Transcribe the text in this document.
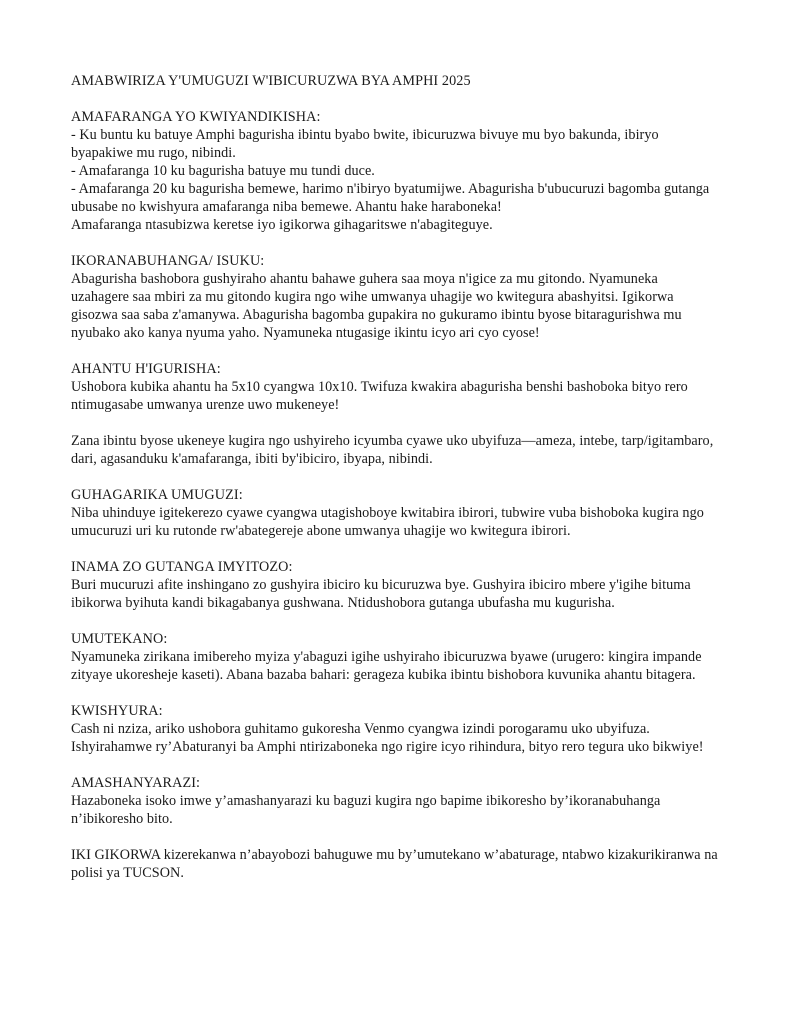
AMABWIRIZA Y'UMUGUZI W'IBICURUZWA BYA AMPHI 2025

AMAFARANGA YO KWIYANDIKISHA:

- Ku buntu ku batuye Amphi bagurisha ibintu byabo bwite, ibicuruzwa bivuye mu byo bakunda, ibiryo byapakiwe mu rugo, nibindi.

- Amafaranga 10 ku bagurisha batuye mu tundi duce.

- Amafaranga 20 ku bagurisha bemewe, harimo n'ibiryo byatumijwe. Abagurisha b'ubucuruzi bagomba gutanga ubusabe no kwishyura amafaranga niba bemewe. Ahantu hake haraboneka!

Amafaranga ntasubizwa keretse iyo igikorwa gihagaritswe n'abagiteguye.

IKORANABUHANGA/ ISUKU:

Abagurisha bashobora gushyiraho ahantu bahawe guhera saa moya n'igice za mu gitondo. Nyamuneka uzahagere saa mbiri za mu gitondo kugira ngo wihe umwanya uhagije wo kwitegura abashyitsi. Igikorwa gisozwa saa saba z'amanywa. Abagurisha bagomba gupakira no gukuramo ibintu byose bitaragurishwa mu nyubako ako kanya nyuma yaho. Nyamuneka ntugasige ikintu icyo ari cyo cyose!

AHANTU H'IGURISHA:

Ushobora kubika ahantu ha 5x10 cyangwa 10x10. Twifuza kwakira abagurisha benshi bashoboka bityo rero ntimugasabe umwanya urenze uwo mukeneye!

Zana ibintu byose ukeneye kugira ngo ushyireho icyumba cyawe uko ubyifuza—ameza, intebe, tarp/igitambaro, dari, agasanduku k'amafaranga, ibiti by'ibiciro, ibyapa, nibindi.

GUHAGARIKA UMUGUZI:

Niba uhinduye igitekerezo cyawe cyangwa utagishoboye kwitabira ibirori, tubwire vuba bishoboka kugira ngo umucuruzi uri ku rutonde rw'abategereje abone umwanya uhagije wo kwitegura ibirori.

INAMA ZO GUTANGA IMYITOZO:

Buri mucuruzi afite inshingano zo gushyira ibiciro ku bicuruzwa bye. Gushyira ibiciro mbere y'igihe bituma ibikorwa byihuta kandi bikagabanya gushwana. Ntidushobora gutanga ubufasha mu kugurisha.

UMUTEKANO:

Nyamuneka zirikana imibereho myiza y'abaguzi igihe ushyiraho ibicuruzwa byawe (urugero: kingira impande zityaye ukoresheje kaseti). Abana bazaba bahari: gerageza kubika ibintu bishobora kuvunika ahantu bitagera.

KWISHYURA:

Cash ni nziza, ariko ushobora guhitamo gukoresha Venmo cyangwa izindi porogaramu uko ubyifuza. Ishyirahamwe ry’Abaturanyi ba Amphi ntirizaboneka ngo rigire icyo rihindura, bityo rero tegura uko bikwiye!

AMASHANYARAZI:

Hazaboneka isoko imwe y’amashanyarazi ku baguzi kugira ngo bapime ibikoresho by’ikoranabuhanga n’ibikoresho bito.

IKI GIKORWA kizerekanwa n’abayobozi bahuguwe mu by’umutekano w’abaturage, ntabwo kizakurikiranwa na polisi ya TUCSON.
